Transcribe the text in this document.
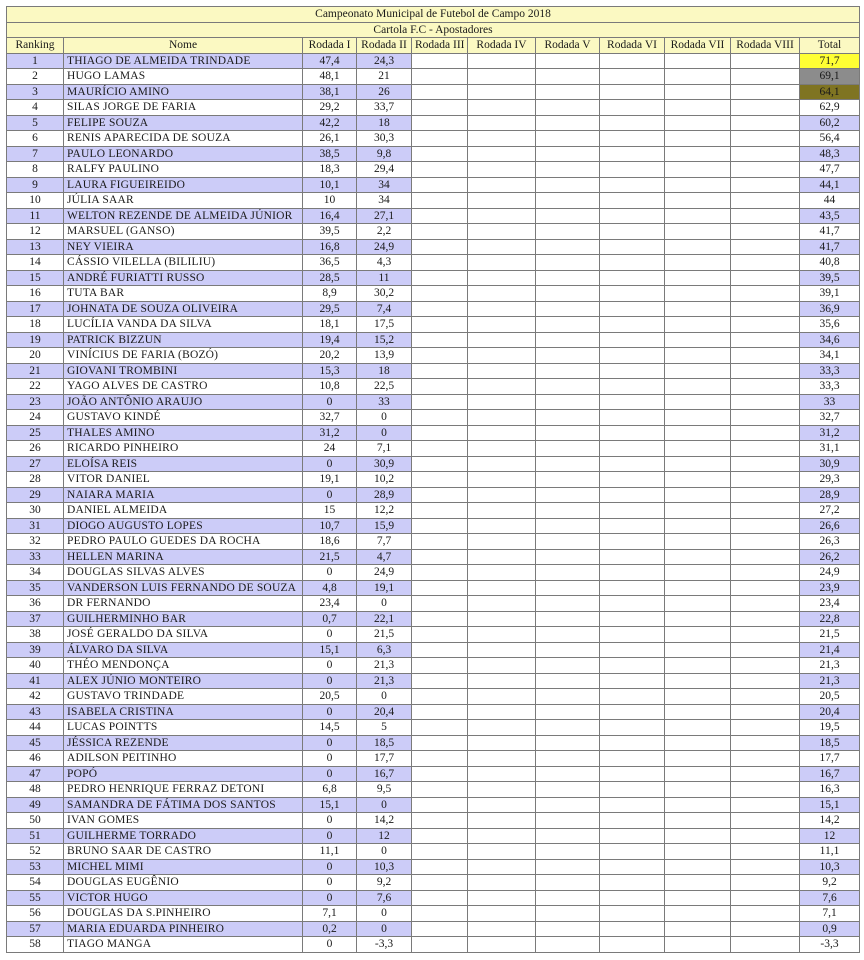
Campeonato Municipal de Futebol de Campo 2018										
Cartola F.C - Apostadores										
Ranking	Nome	Rodada I	Rodada II	Rodada III	Rodada IV	Rodada V	Rodada VI	Rodada VII	Rodada VIII	Total
1	THIAGO DE ALMEIDA TRINDADE	47,4	24,3							71,7
2	HUGO LAMAS	48,1	21							69,1
3	MAURÍCIO AMINO	38,1	26							64,1
4	SILAS JORGE DE FARIA	29,2	33,7							62,9
5	FELIPE SOUZA	42,2	18							60,2
6	RENIS APARECIDA DE SOUZA	26,1	30,3							56,4
7	PAULO LEONARDO	38,5	9,8							48,3
8	RALFY PAULINO	18,3	29,4							47,7
9	LAURA FIGUEIREIDO	10,1	34							44,1
10	JÚLIA SAAR	10	34							44
11	WELTON REZENDE DE ALMEIDA JÚNIOR	16,4	27,1							43,5
12	MARSUEL (GANSO)	39,5	2,2							41,7
13	NEY VIEIRA	16,8	24,9							41,7
14	CÁSSIO VILELLA (BILILIU)	36,5	4,3							40,8
15	ANDRÉ FURIATTI RUSSO	28,5	11							39,5
16	TUTA BAR	8,9	30,2							39,1
17	JOHNATA DE SOUZA OLIVEIRA	29,5	7,4							36,9
18	LUCÍLIA VANDA DA SILVA	18,1	17,5							35,6
19	PATRICK BIZZUN	19,4	15,2							34,6
20	VINÍCIUS DE FARIA (BOZÓ)	20,2	13,9							34,1
21	GIOVANI TROMBINI	15,3	18							33,3
22	YAGO ALVES DE CASTRO	10,8	22,5							33,3
23	JOÃO ANTÔNIO ARAUJO	0	33							33
24	GUSTAVO KINDÉ	32,7	0							32,7
25	THALES AMINO	31,2	0							31,2
26	RICARDO PINHEIRO	24	7,1							31,1
27	ELOÍSA REIS	0	30,9							30,9
28	VITOR DANIEL	19,1	10,2							29,3
29	NAIARA MARIA	0	28,9							28,9
30	DANIEL ALMEIDA	15	12,2							27,2
31	DIOGO AUGUSTO LOPES	10,7	15,9							26,6
32	PEDRO PAULO GUEDES DA ROCHA	18,6	7,7							26,3
33	HELLEN MARINA	21,5	4,7							26,2
34	DOUGLAS SILVAS ALVES	0	24,9							24,9
35	VANDERSON LUIS FERNANDO DE SOUZA	4,8	19,1							23,9
36	DR FERNANDO	23,4	0							23,4
37	GUILHERMINHO BAR	0,7	22,1							22,8
38	JOSÉ GERALDO DA SILVA	0	21,5							21,5
39	ÁLVARO DA SILVA	15,1	6,3							21,4
40	THÉO MENDONÇA	0	21,3							21,3
41	ALEX JÚNIO MONTEIRO	0	21,3							21,3
42	GUSTAVO TRINDADE	20,5	0							20,5
43	ISABELA CRISTINA	0	20,4							20,4
44	LUCAS POINTTS	14,5	5							19,5
45	JÉSSICA REZENDE	0	18,5							18,5
46	ADILSON PEITINHO	0	17,7							17,7
47	POPÓ	0	16,7							16,7
48	PEDRO HENRIQUE FERRAZ DETONI	6,8	9,5							16,3
49	SAMANDRA DE FÁTIMA DOS SANTOS	15,1	0							15,1
50	IVAN GOMES	0	14,2							14,2
51	GUILHERME TORRADO	0	12							12
52	BRUNO SAAR DE CASTRO	11,1	0							11,1
53	MICHEL MIMI	0	10,3							10,3
54	DOUGLAS EUGÊNIO	0	9,2							9,2
55	VICTOR HUGO	0	7,6							7,6
56	DOUGLAS DA S.PINHEIRO	7,1	0							7,1
57	MARIA EDUARDA PINHEIRO	0,2	0							0,9
58	TIAGO MANGA	0	-3,3							-3,3
